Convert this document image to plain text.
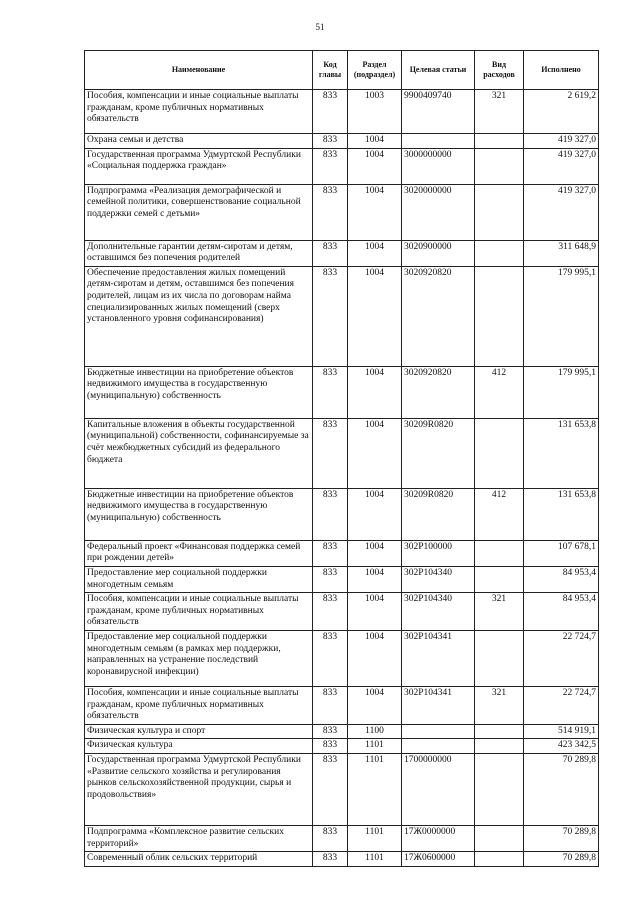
51
Наименование	Код главы	Раздел (подраздел)	Целевая статьи	Вид расходов	Исполнено
Пособия, компенсации и иные социальные выплаты гражданам, кроме публичных нормативных обязательств	833	1003	9900409740	321	2 619,2
Охрана семьи и детства	833	1004			419 327,0
Государственная программа Удмуртской Республики «Социальная поддержка граждан»	833	1004	3000000000		419 327,0
Подпрограмма «Реализация демографической и семейной политики, совершенствование социальной поддержки семей с детьми»	833	1004	3020000000		419 327,0
Дополнительные гарантии детям-сиротам и детям, оставшимся без попечения родителей	833	1004	3020900000		311 648,9
Обеспечение предоставления жилых помещений детям-сиротам и детям, оставшимся без попечения родителей, лицам из их числа по договорам найма специализированных жилых помещений (сверх установленного уровня софинансирования)	833	1004	3020920820		179 995,1
Бюджетные инвестиции на приобретение объектов недвижимого имущества в государственную (муниципальную) собственность	833	1004	3020920820	412	179 995,1
Капитальные вложения в объекты государственной (муниципальной) собственности, софинансируемые за счёт межбюджетных субсидий из федерального бюджета	833	1004	30209R0820		131 653,8
Бюджетные инвестиции на приобретение объектов недвижимого имущества в государственную (муниципальную) собственность	833	1004	30209R0820	412	131 653,8
Федеральный проект «Финансовая поддержка семей при рождении детей»	833	1004	302P100000		107 678,1
Предоставление мер социальной поддержки многодетным семьям	833	1004	302P104340		84 953,4
Пособия, компенсации и иные социальные выплаты гражданам, кроме публичных нормативных обязательств	833	1004	302P104340	321	84 953,4
Предоставление мер социальной поддержки многодетным семьям (в рамках мер поддержки, направленных на устранение последствий коронавирусной инфекции)	833	1004	302P104341		22 724,7
Пособия, компенсации и иные социальные выплаты гражданам, кроме публичных нормативных обязательств	833	1004	302P104341	321	22 724,7
Физическая культура и спорт	833	1100			514 919,1
Физическая культура	833	1101			423 342,5
Государственная программа Удмуртской Республики «Развитие сельского хозяйства и регулирования рынков сельскохозяйственной продукции, сырья и продовольствия»	833	1101	1700000000		70 289,8
Подпрограмма «Комплексное развитие сельских территорий»	833	1101	17Ж0000000		70 289,8
Современный облик сельских территорий	833	1101	17Ж0600000		70 289,8
